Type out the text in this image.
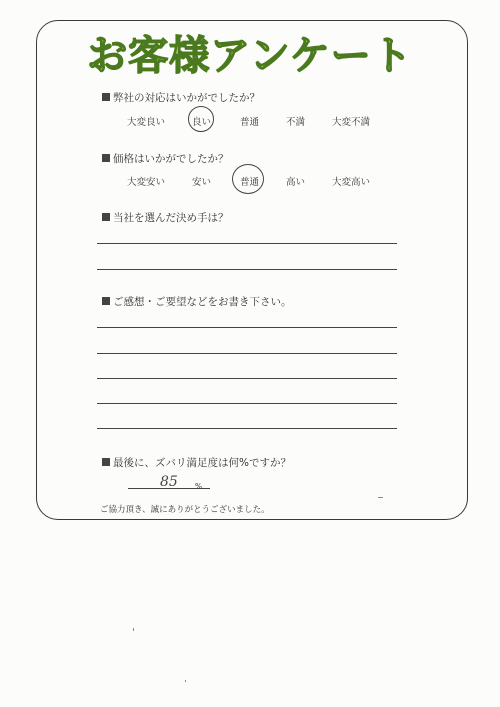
お客様アンケート
弊社の対応はいかがでしたか？
大変良い	良い	普通	不満	大変不満
価格はいかがでしたか？
大変安い	安い	普通	高い	大変高い
当社を選んだ決め手は？
ご感想・ご要望などをお書き下さい。
最後に、ズバリ満足度は何%ですか？
85 %
ご協力頂き、誠にありがとうございました。
